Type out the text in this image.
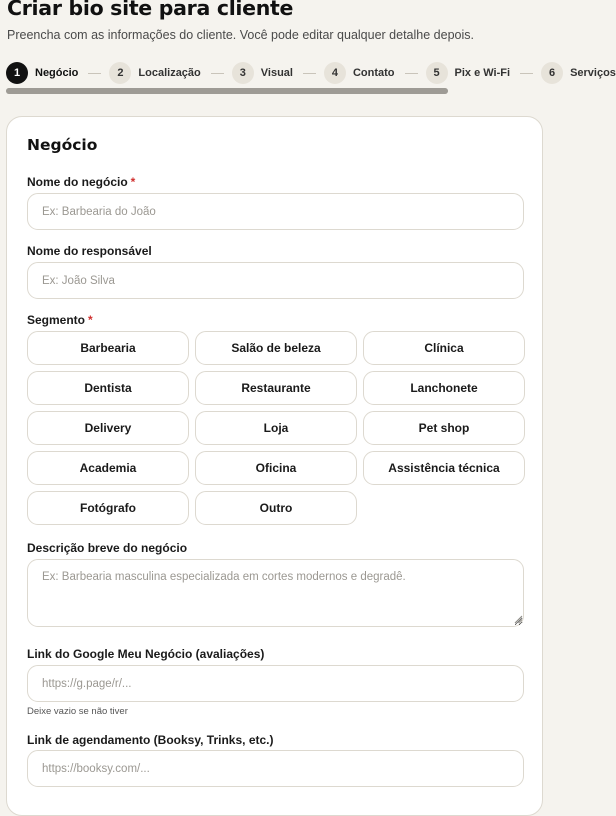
Criar bio site para cliente

Preencha com as informações do cliente. Você pode editar qualquer detalhe depois.

1	Negócio	2	Localização	3	Visual	4	Contato	5	Pix e Wi-Fi	6	Serviços
Negócio
Nome do negócio *
Ex: Barbearia do João
Nome do responsável
Ex: João Silva
Segmento *
Barbearia	Salão de beleza	Clínica
Dentista	Restaurante	Lanchonete
Delivery	Loja	Pet shop
Academia	Oficina	Assistência técnica
Fotógrafo	Outro
Descrição breve do negócio
Ex: Barbearia masculina especializada em cortes modernos e degradê.
Link do Google Meu Negócio (avaliações)
https://g.page/r/...
Deixe vazio se não tiver
Link de agendamento (Booksy, Trinks, etc.)
https://booksy.com/...
